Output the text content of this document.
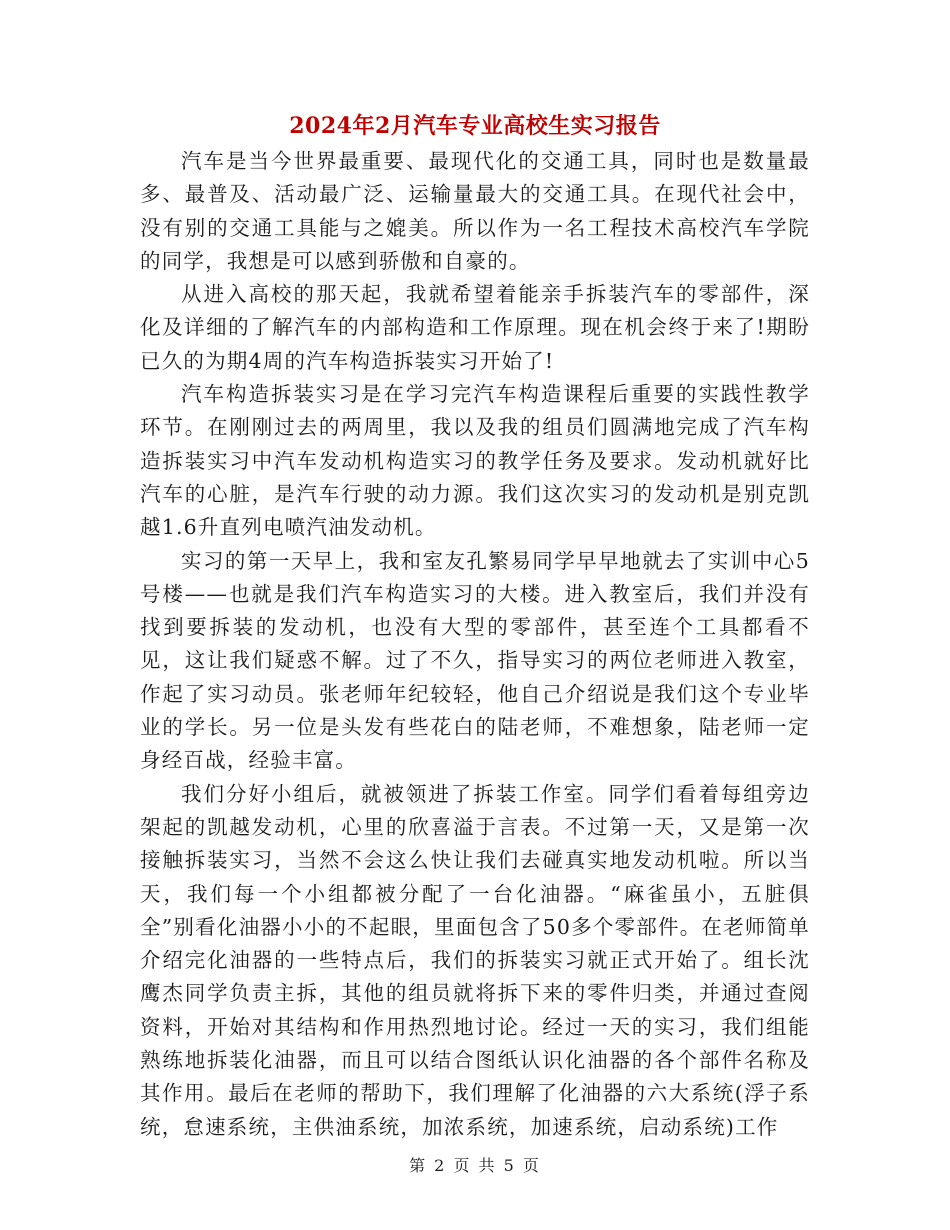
2024年2月汽车专业高校生实习报告

汽车是当今世界最重要、最现代化的交通工具，同时也是数量最多、最普及、活动最广泛、运输量最大的交通工具。在现代社会中，没有别的交通工具能与之媲美。所以作为一名工程技术高校汽车学院的同学，我想是可以感到骄傲和自豪的。

从进入高校的那天起，我就希望着能亲手拆装汽车的零部件，深化及详细的了解汽车的内部构造和工作原理。现在机会终于来了!期盼已久的为期4周的汽车构造拆装实习开始了!

汽车构造拆装实习是在学习完汽车构造课程后重要的实践性教学环节。在刚刚过去的两周里，我以及我的组员们圆满地完成了汽车构造拆装实习中汽车发动机构造实习的教学任务及要求。发动机就好比汽车的心脏，是汽车行驶的动力源。我们这次实习的发动机是别克凯越1.6升直列电喷汽油发动机。

实习的第一天早上，我和室友孔繁易同学早早地就去了实训中心5号楼——也就是我们汽车构造实习的大楼。进入教室后，我们并没有找到要拆装的发动机，也没有大型的零部件，甚至连个工具都看不见，这让我们疑惑不解。过了不久，指导实习的两位老师进入教室，作起了实习动员。张老师年纪较轻，他自己介绍说是我们这个专业毕业的学长。另一位是头发有些花白的陆老师，不难想象，陆老师一定身经百战，经验丰富。

我们分好小组后，就被领进了拆装工作室。同学们看着每组旁边架起的凯越发动机，心里的欣喜溢于言表。不过第一天，又是第一次接触拆装实习，当然不会这么快让我们去碰真实地发动机啦。所以当天，我们每一个小组都被分配了一台化油器。“麻雀虽小，五脏俱全”别看化油器小小的不起眼，里面包含了50多个零部件。在老师简单介绍完化油器的一些特点后，我们的拆装实习就正式开始了。组长沈鹰杰同学负责主拆，其他的组员就将拆下来的零件归类，并通过查阅资料，开始对其结构和作用热烈地讨论。经过一天的实习，我们组能熟练地拆装化油器，而且可以结合图纸认识化油器的各个部件名称及其作用。最后在老师的帮助下，我们理解了化油器的六大系统(浮子系统，怠速系统，主供油系统，加浓系统，加速系统，启动系统)工作

第 2 页 共 5 页
